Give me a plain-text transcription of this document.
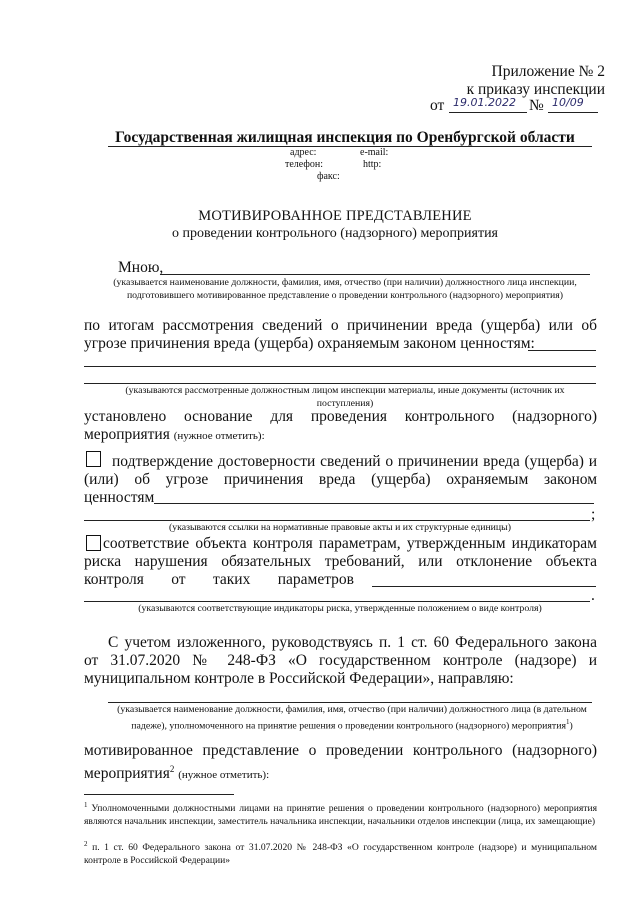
Приложение № 2
к приказу инспекции
от 19.01.2022 № 10/09
Государственная жилищная инспекция по Оренбургской области
адрес:	e-mail:
телефон:	http:
факс:
МОТИВИРОВАННОЕ ПРЕДСТАВЛЕНИЕ
о проведении контрольного (надзорного) мероприятия
Мною,
(указывается наименование должности, фамилия, имя, отчество (при наличии) должностного лица инспекции, подготовившего мотивированное представление о проведении контрольного (надзорного) мероприятия)
по итогам рассмотрения сведений о причинении вреда (ущерба) или об
угрозе причинения вреда (ущерба) охраняемым законом ценностям:
(указываются рассмотренные должностным лицом инспекции материалы, иные документы (источник их поступления)
установлено основание для проведения контрольного (надзорного)
мероприятия (нужное отметить):
подтверждение достоверности сведений о причинении вреда (ущерба) и
(или) об угрозе причинения вреда (ущерба) охраняемым законом
ценностям
;
(указываются ссылки на нормативные правовые акты и их структурные единицы)
соответствие объекта контроля параметрам, утвержденным индикаторам
риска нарушения обязательных требований, или отклонение объекта
контроля от таких параметров
.
(указываются соответствующие индикаторы риска, утвержденные положением о виде контроля)
С учетом изложенного, руководствуясь п. 1 ст. 60 Федерального закона
от 31.07.2020 № 248-ФЗ «О государственном контроле (надзоре) и
муниципальном контроле в Российской Федерации», направляю:
(указывается наименование должности, фамилия, имя, отчество (при наличии) должностного лица (в дательном падеже), уполномоченного на принятие решения о проведении контрольного (надзорного) мероприятия$^1$)
мотивированное представление о проведении контрольного (надзорного)
мероприятия$^2$ (нужное отметить):
$^1$ Уполномоченными должностными лицами на принятие решения о проведении контрольного (надзорного) мероприятия являются начальник инспекции, заместитель начальника инспекции, начальники отделов инспекции (лица, их замещающие)
$^2$ п. 1 ст. 60 Федерального закона от 31.07.2020 № 248-ФЗ «О государственном контроле (надзоре) и муниципальном контроле в Российской Федерации»
